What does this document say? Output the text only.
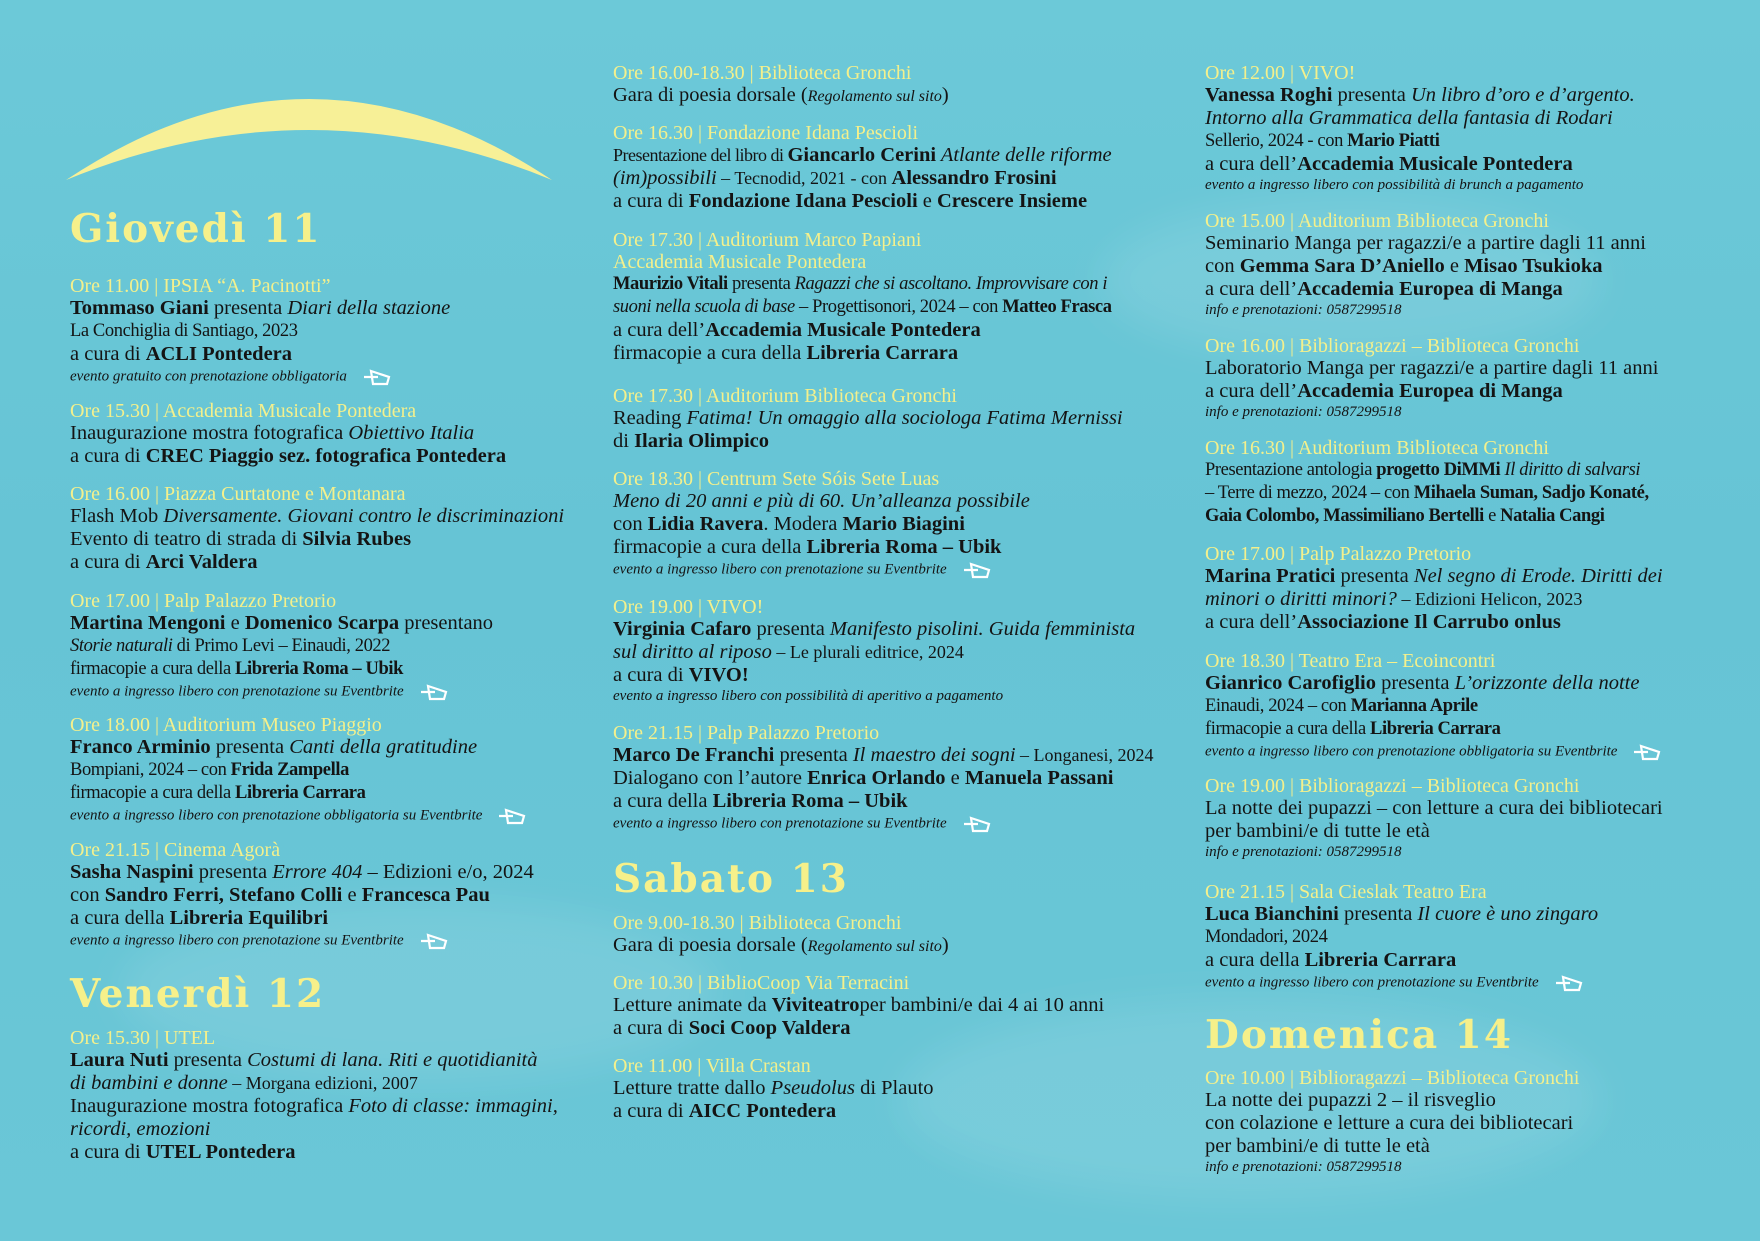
Giovedì 11
Ore 11.00 | IPSIA “A. Pacinotti”
Tommaso Giani presenta Diari della stazione
La Conchiglia di Santiago, 2023
a cura di ACLI Pontedera
evento gratuito con prenotazione obbligatoria
Ore 15.30 | Accademia Musicale Pontedera
Inaugurazione mostra fotografica Obiettivo Italia
a cura di CREC Piaggio sez. fotografica Pontedera
Ore 16.00 | Piazza Curtatone e Montanara
Flash Mob Diversamente. Giovani contro le discriminazioni
Evento di teatro di strada di Silvia Rubes
a cura di Arci Valdera
Ore 17.00 | Palp Palazzo Pretorio
Martina Mengoni e Domenico Scarpa presentano
Storie naturali di Primo Levi – Einaudi, 2022
firmacopie a cura della Libreria Roma – Ubik
evento a ingresso libero con prenotazione su Eventbrite
Ore 18.00 | Auditorium Museo Piaggio
Franco Arminio presenta Canti della gratitudine
Bompiani, 2024 – con Frida Zampella
firmacopie a cura della Libreria Carrara
evento a ingresso libero con prenotazione obbligatoria su Eventbrite
Ore 21.15 | Cinema Agorà
Sasha Naspini presenta Errore 404 – Edizioni e/o, 2024
con Sandro Ferri, Stefano Colli e Francesca Pau
a cura della Libreria Equilibri
evento a ingresso libero con prenotazione su Eventbrite
Venerdì 12
Ore 15.30 | UTEL
Laura Nuti presenta Costumi di lana. Riti e quotidianità
di bambini e donne – Morgana edizioni, 2007
Inaugurazione mostra fotografica Foto di classe: immagini,
ricordi, emozioni
a cura di UTEL Pontedera
Ore 16.00-18.30 | Biblioteca Gronchi
Gara di poesia dorsale (Regolamento sul sito)
Ore 16.30 | Fondazione Idana Pescioli
Presentazione del libro di Giancarlo Cerini Atlante delle riforme
(im)possibili – Tecnodid, 2021 - con Alessandro Frosini
a cura di Fondazione Idana Pescioli e Crescere Insieme
Ore 17.30 | Auditorium Marco Papiani
Accademia Musicale Pontedera
Maurizio Vitali presenta Ragazzi che si ascoltano. Improvvisare con i
suoni nella scuola di base – Progettisonori, 2024 – con Matteo Frasca
a cura dell’Accademia Musicale Pontedera
firmacopie a cura della Libreria Carrara
Ore 17.30 | Auditorium Biblioteca Gronchi
Reading Fatima! Un omaggio alla sociologa Fatima Mernissi
di Ilaria Olimpico
Ore 18.30 | Centrum Sete Sóis Sete Luas
Meno di 20 anni e più di 60. Un’alleanza possibile
con Lidia Ravera. Modera Mario Biagini
firmacopie a cura della Libreria Roma – Ubik
evento a ingresso libero con prenotazione su Eventbrite
Ore 19.00 | VIVO!
Virginia Cafaro presenta Manifesto pisolini. Guida femminista
sul diritto al riposo – Le plurali editrice, 2024
a cura di VIVO!
evento a ingresso libero con possibilità di aperitivo a pagamento
Ore 21.15 | Palp Palazzo Pretorio
Marco De Franchi presenta Il maestro dei sogni – Longanesi, 2024
Dialogano con l’autore Enrica Orlando e Manuela Passani
a cura della Libreria Roma – Ubik
evento a ingresso libero con prenotazione su Eventbrite
Sabato 13
Ore 9.00-18.30 | Biblioteca Gronchi
Gara di poesia dorsale (Regolamento sul sito)
Ore 10.30 | BiblioCoop Via Terracini
Letture animate da Viviteatroper bambini/e dai 4 ai 10 anni
a cura di Soci Coop Valdera
Ore 11.00 | Villa Crastan
Letture tratte dallo Pseudolus di Plauto
a cura di AICC Pontedera
Ore 12.00 | VIVO!
Vanessa Roghi presenta Un libro d’oro e d’argento.
Intorno alla Grammatica della fantasia di Rodari
Sellerio, 2024 - con Mario Piatti
a cura dell’Accademia Musicale Pontedera
evento a ingresso libero con possibilità di brunch a pagamento
Ore 15.00 | Auditorium Biblioteca Gronchi
Seminario Manga per ragazzi/e a partire dagli 11 anni
con Gemma Sara D’Aniello e Misao Tsukioka
a cura dell’Accademia Europea di Manga
info e prenotazioni: 0587299518
Ore 16.00 | Biblioragazzi – Biblioteca Gronchi
Laboratorio Manga per ragazzi/e a partire dagli 11 anni
a cura dell’Accademia Europea di Manga
info e prenotazioni: 0587299518
Ore 16.30 | Auditorium Biblioteca Gronchi
Presentazione antologia progetto DiMMi Il diritto di salvarsi
– Terre di mezzo, 2024 – con Mihaela Suman, Sadjo Konaté,
Gaia Colombo, Massimiliano Bertelli e Natalia Cangi
Ore 17.00 | Palp Palazzo Pretorio
Marina Pratici presenta Nel segno di Erode. Diritti dei
minori o diritti minori? – Edizioni Helicon, 2023
a cura dell’Associazione Il Carrubo onlus
Ore 18.30 | Teatro Era – Ecoincontri
Gianrico Carofiglio presenta L’orizzonte della notte
Einaudi, 2024 – con Marianna Aprile
firmacopie a cura della Libreria Carrara
evento a ingresso libero con prenotazione obbligatoria su Eventbrite
Ore 19.00 | Biblioragazzi – Biblioteca Gronchi
La notte dei pupazzi – con letture a cura dei bibliotecari
per bambini/e di tutte le età
info e prenotazioni: 0587299518
Ore 21.15 | Sala Cieslak Teatro Era
Luca Bianchini presenta Il cuore è uno zingaro
Mondadori, 2024
a cura della Libreria Carrara
evento a ingresso libero con prenotazione su Eventbrite
Domenica 14
Ore 10.00 | Biblioragazzi – Biblioteca Gronchi
La notte dei pupazzi 2 – il risveglio
con colazione e letture a cura dei bibliotecari
per bambini/e di tutte le età
info e prenotazioni: 0587299518
